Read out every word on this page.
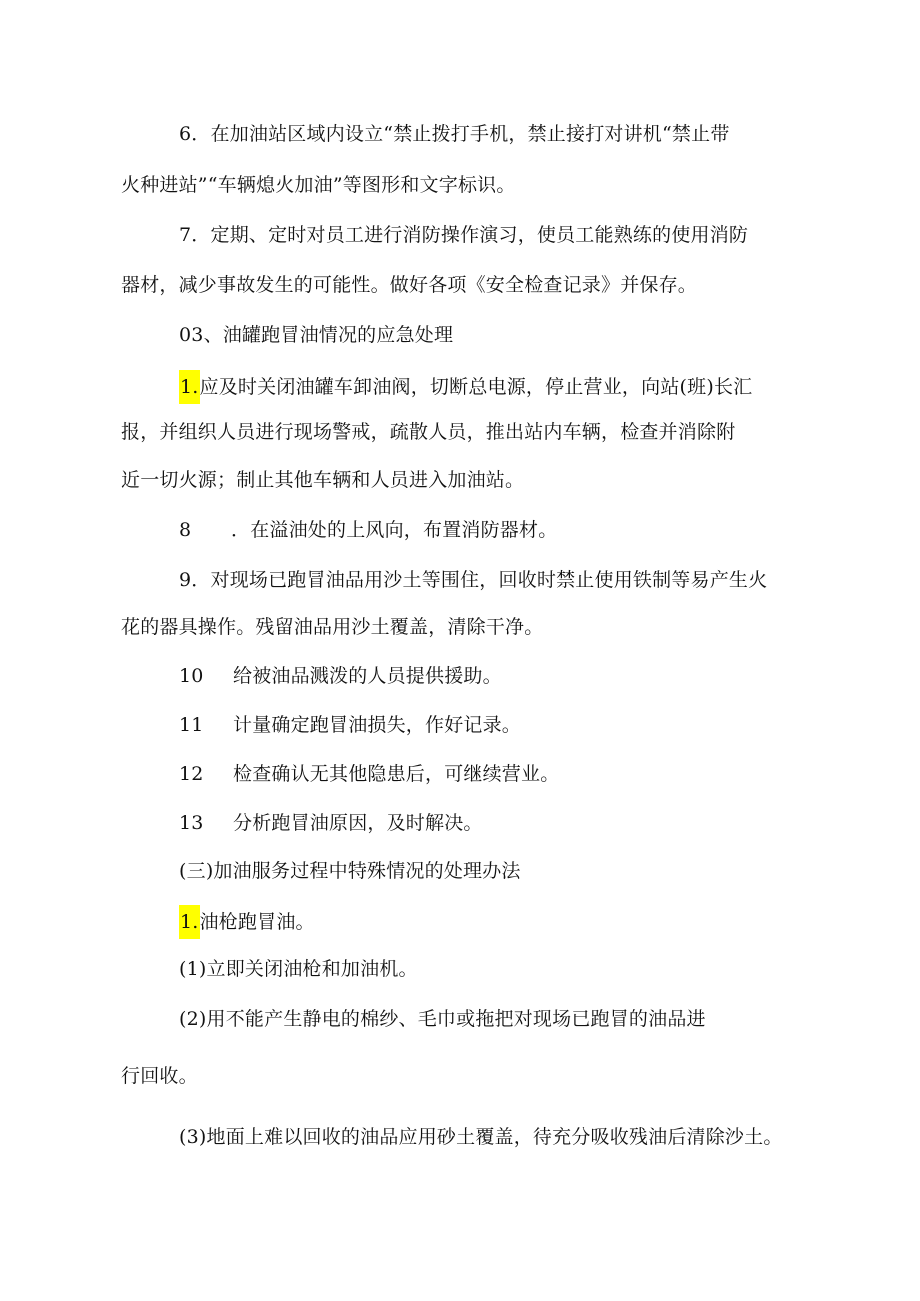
6．在加油站区域内设立“禁止拨打手机，禁止接打对讲机“禁止带
火种进站”“车辆熄火加油”等图形和文字标识。
7．定期、定时对员工进行消防操作演习，使员工能熟练的使用消防
器材，减少事故发生的可能性。做好各项《安全检查记录》并保存。
03、油罐跑冒油情况的应急处理
1.应及时关闭油罐车卸油阀，切断总电源，停止营业，向站(班)长汇
报，并组织人员进行现场警戒，疏散人员，推出站内车辆，检查并消除附
近一切火源；制止其他车辆和人员进入加油站。
8 ．在溢油处的上风向，布置消防器材。
9．对现场已跑冒油品用沙土等围住，回收时禁止使用铁制等易产生火
花的器具操作。残留油品用沙土覆盖，清除干净。
10 给被油品溅泼的人员提供援助。
11 计量确定跑冒油损失，作好记录。
12 检查确认无其他隐患后，可继续营业。
13 分析跑冒油原因，及时解决。
(三)加油服务过程中特殊情况的处理办法
1.油枪跑冒油。
(1)立即关闭油枪和加油机。
(2)用不能产生静电的棉纱、毛巾或拖把对现场已跑冒的油品进
行回收。
(3)地面上难以回收的油品应用砂土覆盖，待充分吸收残油后清除沙土。
